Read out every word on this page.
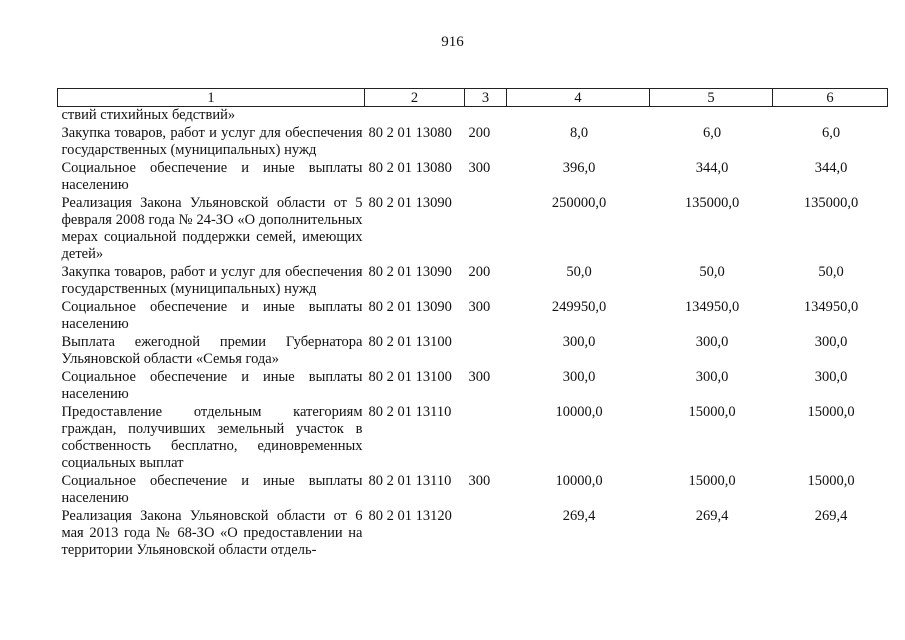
916
1	2	3	4	5	6
ствий стихийных бедствий»					
Закупка товаров, работ и услуг для обеспечения государственных (муниципальных) нужд	80 2 01 13080	200	8,0	6,0	6,0
Социальное обеспечение и иные выплаты населению	80 2 01 13080	300	396,0	344,0	344,0
Реализация Закона Ульяновской области от 5 февраля 2008 года № 24-ЗО «О дополнительных мерах социальной поддержки семей, имеющих детей»	80 2 01 13090		250000,0	135000,0	135000,0
Закупка товаров, работ и услуг для обеспечения государственных (муниципальных) нужд	80 2 01 13090	200	50,0	50,0	50,0
Социальное обеспечение и иные выплаты населению	80 2 01 13090	300	249950,0	134950,0	134950,0
Выплата ежегодной премии Губернатора Ульяновской области «Семья года»	80 2 01 13100		300,0	300,0	300,0
Социальное обеспечение и иные выплаты населению	80 2 01 13100	300	300,0	300,0	300,0
Предоставление отдельным категориям граждан, получивших земельный участок в собственность бесплатно, единовременных социальных выплат	80 2 01 13110		10000,0	15000,0	15000,0
Социальное обеспечение и иные выплаты населению	80 2 01 13110	300	10000,0	15000,0	15000,0
Реализация Закона Ульяновской области от 6 мая 2013 года № 68-ЗО «О предоставлении на территории Ульяновской области отдель-	80 2 01 13120		269,4	269,4	269,4
